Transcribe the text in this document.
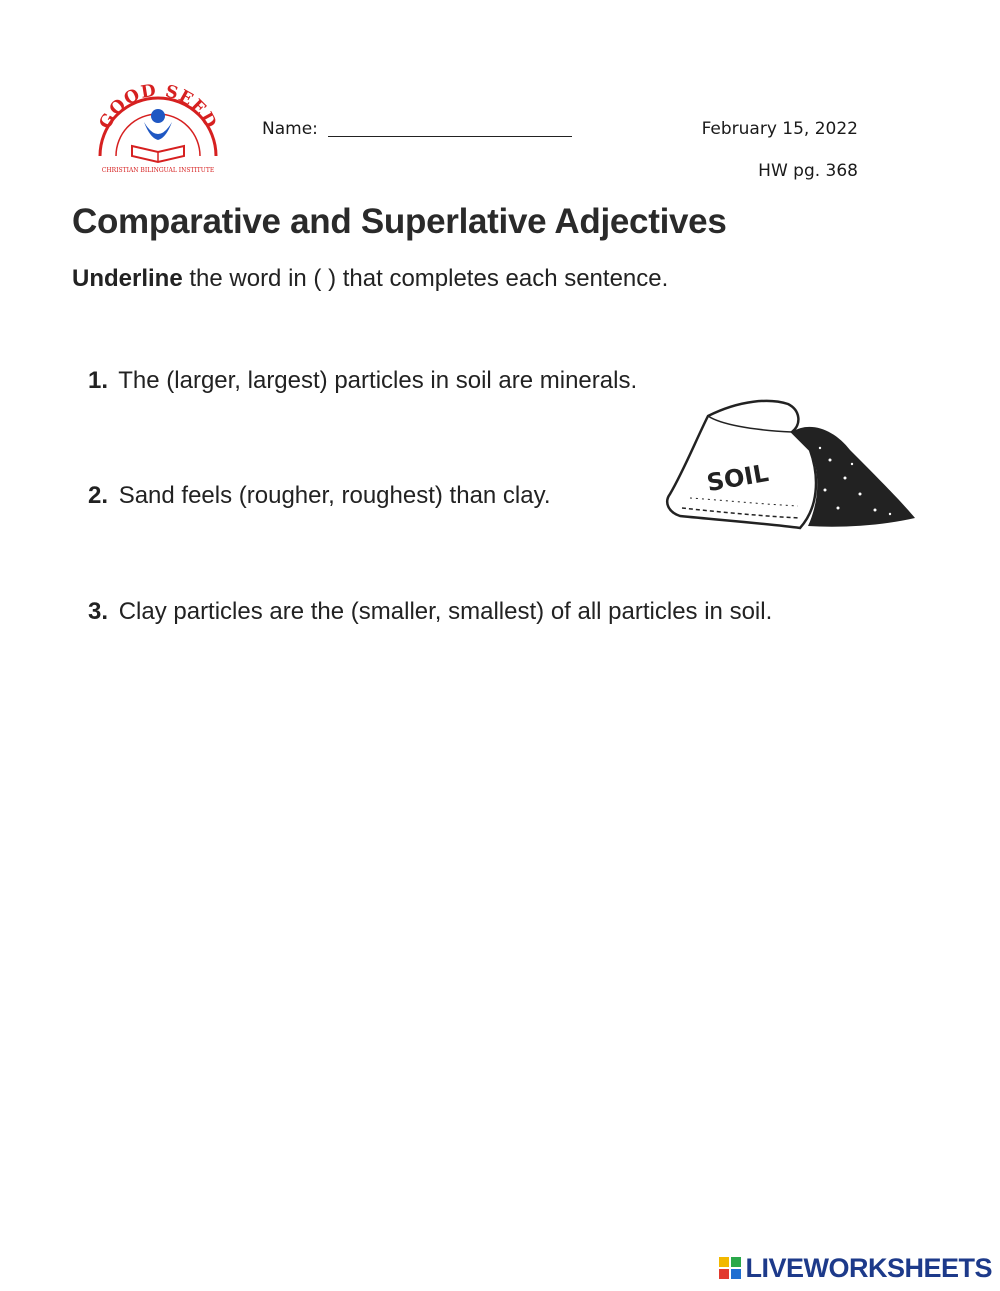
GOOD SEED
CHRISTIAN BILINGUAL INSTITUTE
Name:	February 15, 2022
HW pg. 368
Comparative and Superlative Adjectives
Underline the word in ( ) that completes each sentence.
1. The (larger, largest) particles in soil are minerals.
2. Sand feels (rougher, roughest) than clay.
3. Clay particles are the (smaller, smallest) of all particles in soil.
SOIL
LIVEWORKSHEETS
